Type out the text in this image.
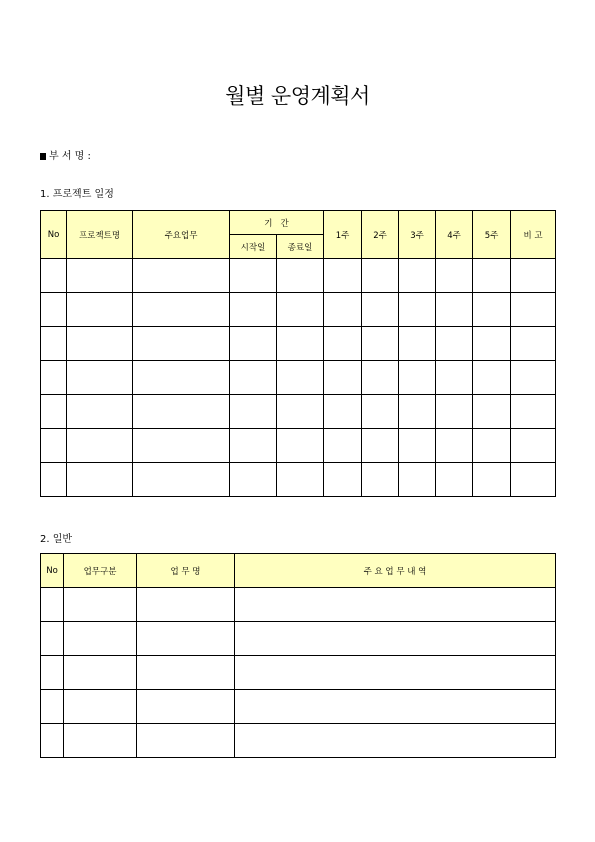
월별 운영계획서
부 서 명 :
1. 프로젝트 일정
No	프로젝트명	주요업무	기   간		1주	2주	3주	4주	5주	비 고
			시작일	종료일						

2. 일반
No	업무구분	업 무 명	주 요 업 무 내 역
